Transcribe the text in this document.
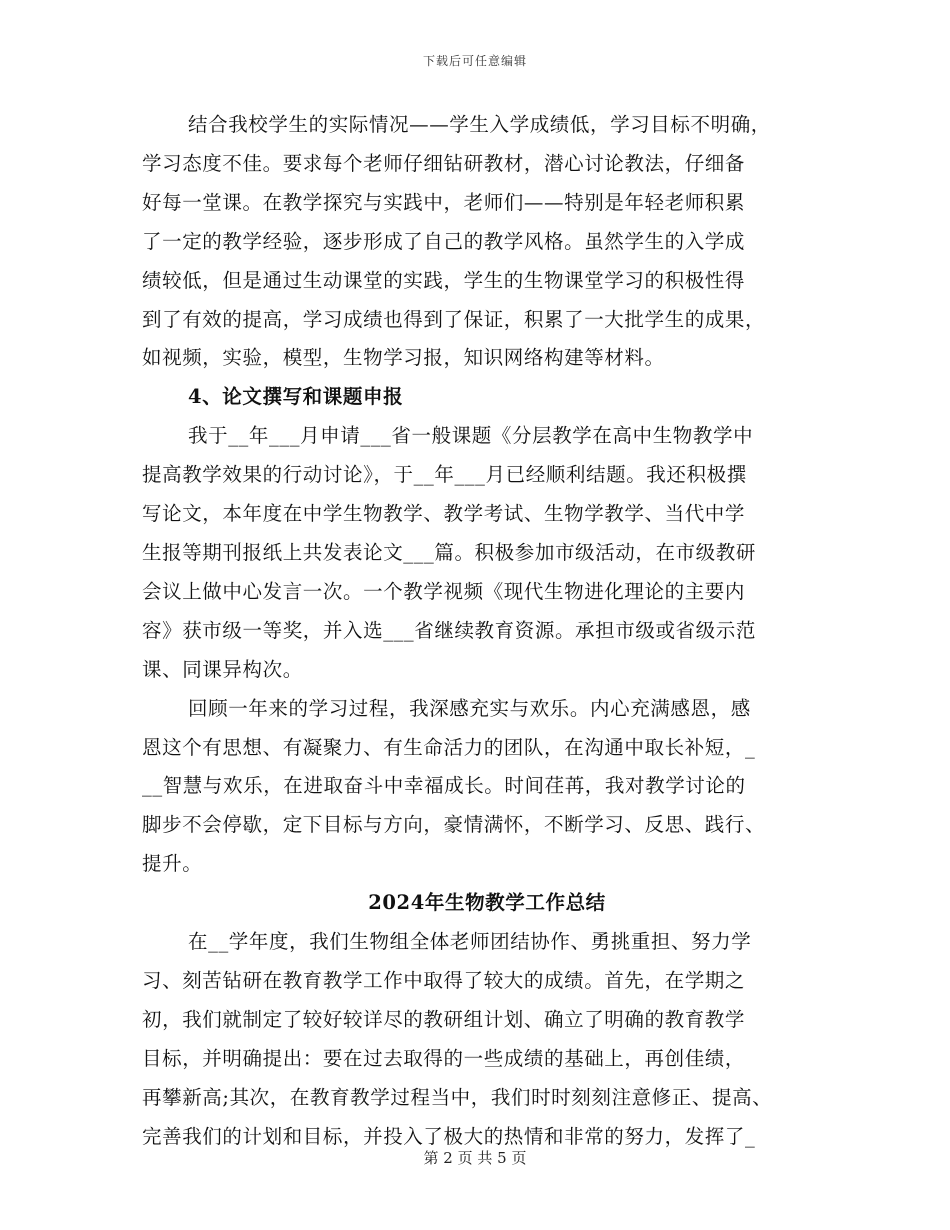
下载后可任意编辑

结合我校学生的实际情况——学生入学成绩低，学习目标不明确，
学习态度不佳。要求每个老师仔细钻研教材，潜心讨论教法，仔细备
好每一堂课。在教学探究与实践中，老师们——特别是年轻老师积累
了一定的教学经验，逐步形成了自己的教学风格。虽然学生的入学成
绩较低，但是通过生动课堂的实践，学生的生物课堂学习的积极性得
到了有效的提高，学习成绩也得到了保证，积累了一大批学生的成果，
如视频，实验，模型，生物学习报，知识网络构建等材料。

4、论文撰写和课题申报

我于__年___月申请___省一般课题《分层教学在高中生物教学中
提高教学效果的行动讨论》，于__年___月已经顺利结题。我还积极撰
写论文，本年度在中学生物教学、教学考试、生物学教学、当代中学
生报等期刊报纸上共发表论文___篇。积极参加市级活动，在市级教研
会议上做中心发言一次。一个教学视频《现代生物进化理论的主要内
容》获市级一等奖，并入选___省继续教育资源。承担市级或省级示范
课、同课异构次。

回顾一年来的学习过程，我深感充实与欢乐。内心充满感恩，感
恩这个有思想、有凝聚力、有生命活力的团队，在沟通中取长补短，_
__智慧与欢乐，在进取奋斗中幸福成长。时间荏苒，我对教学讨论的
脚步不会停歇，定下目标与方向，豪情满怀，不断学习、反思、践行、
提升。

2024年生物教学工作总结

在__学年度，我们生物组全体老师团结协作、勇挑重担、努力学
习、刻苦钻研在教育教学工作中取得了较大的成绩。首先，在学期之
初，我们就制定了较好较详尽的教研组计划、确立了明确的教育教学
目标，并明确提出：要在过去取得的一些成绩的基础上，再创佳绩，
再攀新高;其次，在教育教学过程当中，我们时时刻刻注意修正、提高、
完善我们的计划和目标，并投入了极大的热情和非常的努力，发挥了_

第 2 页 共 5 页
